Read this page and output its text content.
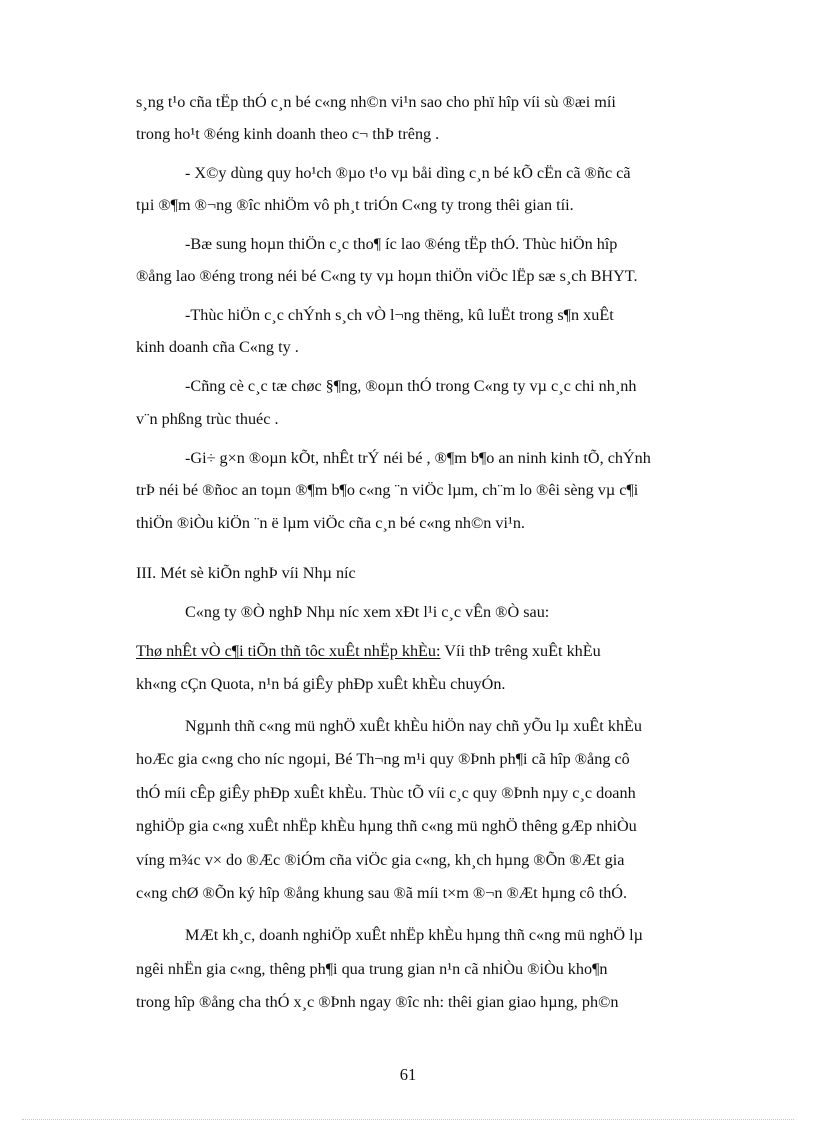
s¸ng t¹o cña tËp thÓ c¸n bé c«ng nh©n vi¹n sao cho phï hîp víi sù ®æi míi
trong ho¹t ®éng kinh doanh theo c¬ thÞ trêng .
- X©y dùng quy ho¹ch ®µo t¹o vµ båi dìng c¸n bé kÕ cËn cã ®ñc cã
tµi ®¶m ®¬ng ®îc nhiÖm vô ph¸t triÓn C«ng ty trong thêi gian tíi.
-Bæ sung hoµn thiÖn c¸c tho¶ íc lao ®éng tËp thÓ. Thùc hiÖn hîp
®ång lao ®éng trong néi bé C«ng ty vµ hoµn thiÖn viÖc lËp sæ s¸ch BHYT.
-Thùc hiÖn c¸c chÝnh s¸ch vÒ l¬ng thëng, kû luËt trong s¶n xuÊt
kinh doanh cña C«ng ty .
-Cñng cè c¸c tæ chøc §¶ng, ®oµn thÓ trong C«ng ty vµ c¸c chi nh¸nh
v¨n phßng trùc thuéc .
-Gi÷ g×n ®oµn kÕt, nhÊt trÝ néi bé , ®¶m b¶o an ninh kinh tÕ, chÝnh
trÞ néi bé ®ñoc an toµn ®¶m b¶o c«ng ¨n viÖc lµm, ch¨m lo ®êi sèng vµ c¶i
thiÖn ®iÒu kiÖn ¨n ë lµm viÖc cña c¸n bé c«ng nh©n vi¹n.
III. Mét sè kiÕn nghÞ víi Nhµ níc
C«ng ty ®Ò nghÞ Nhµ níc xem xÐt l¹i c¸c vÊn ®Ò sau:
Thø nhÊt vÒ c¶i tiÕn thñ tôc xuÊt nhËp khÈu: Víi thÞ trêng xuÊt khÈu
kh«ng cÇn Quota, n¹n bá giÊy phÐp xuÊt khÈu chuyÓn.
Ngµnh thñ c«ng mü nghÖ xuÊt khÈu hiÖn nay chñ yÕu lµ xuÊt khÈu
hoÆc gia c«ng cho níc ngoµi, Bé Th¬ng m¹i quy ®Þnh ph¶i cã hîp ®ång cô
thÓ míi cÊp giÊy phÐp xuÊt khÈu. Thùc tÕ víi c¸c quy ®Þnh nµy c¸c doanh
nghiÖp gia c«ng xuÊt nhËp khÈu hµng thñ c«ng mü nghÖ thêng gÆp nhiÒu
víng m¾c v× do ®Æc ®iÓm cña viÖc gia c«ng, kh¸ch hµng ®Õn ®Æt gia
c«ng chØ ®Õn ký hîp ®ång khung sau ®ã míi t×m ®¬n ®Æt hµng cô thÓ.
MÆt kh¸c, doanh nghiÖp xuÊt nhËp khÈu hµng thñ c«ng mü nghÖ lµ
ngêi nhËn gia c«ng, thêng ph¶i qua trung gian n¹n cã nhiÒu ®iÒu kho¶n
trong hîp ®ång cha thÓ x¸c ®Þnh ngay ®îc nh: thêi gian giao hµng, ph©n
61
